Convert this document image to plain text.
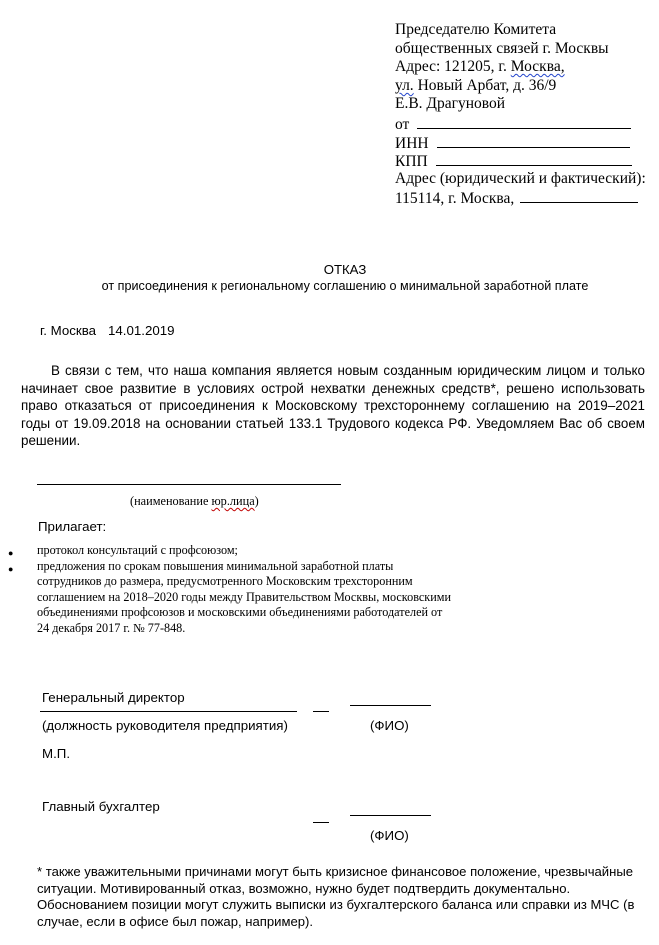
Председателю Комитета
общественных связей г. Москвы
Адрес: 121205, г. Москва,
ул. Новый Арбат, д. 36/9
Е.В. Драгуновой
от
ИНН
КПП
Адрес (юридический и фактический):
115114, г. Москва,
ОТКАЗ
от присоединения к региональному соглашению о минимальной заработной плате
г. Москва 14.01.2019

В связи с тем, что наша компания является новым созданным юридическим лицом и только начинает свое развитие в условиях острой нехватки денежных средств*, решено использовать право отказаться от присоединения к Московскому трехстороннему соглашению на 2019–2021 годы от 19.09.2018 на основании статьей 133.1 Трудового кодекса РФ. Уведомляем Вас об своем решении.

(наименование юр.лица)
Прилагает:
● протокол консультаций с профсоюзом;
● предложения по срокам повышения минимальной заработной платы
сотрудников до размера, предусмотренного Московским трехсторонним
соглашением на 2018–2020 годы между Правительством Москвы, московскими
объединениями профсоюзов и московскими объединениями работодателей от
24 декабря 2017 г. № 77-848.
Генеральный директор
(должность руководителя предприятия)	(ФИО)
М.П.
Главный бухгалтер
(ФИО)
* также уважительными причинами могут быть кризисное финансовое положение, чрезвычайные
ситуации. Мотивированный отказ, возможно, нужно будет подтвердить документально.
Обоснованием позиции могут служить выписки из бухгалтерского баланса или справки из МЧС (в
случае, если в офисе был пожар, например).
